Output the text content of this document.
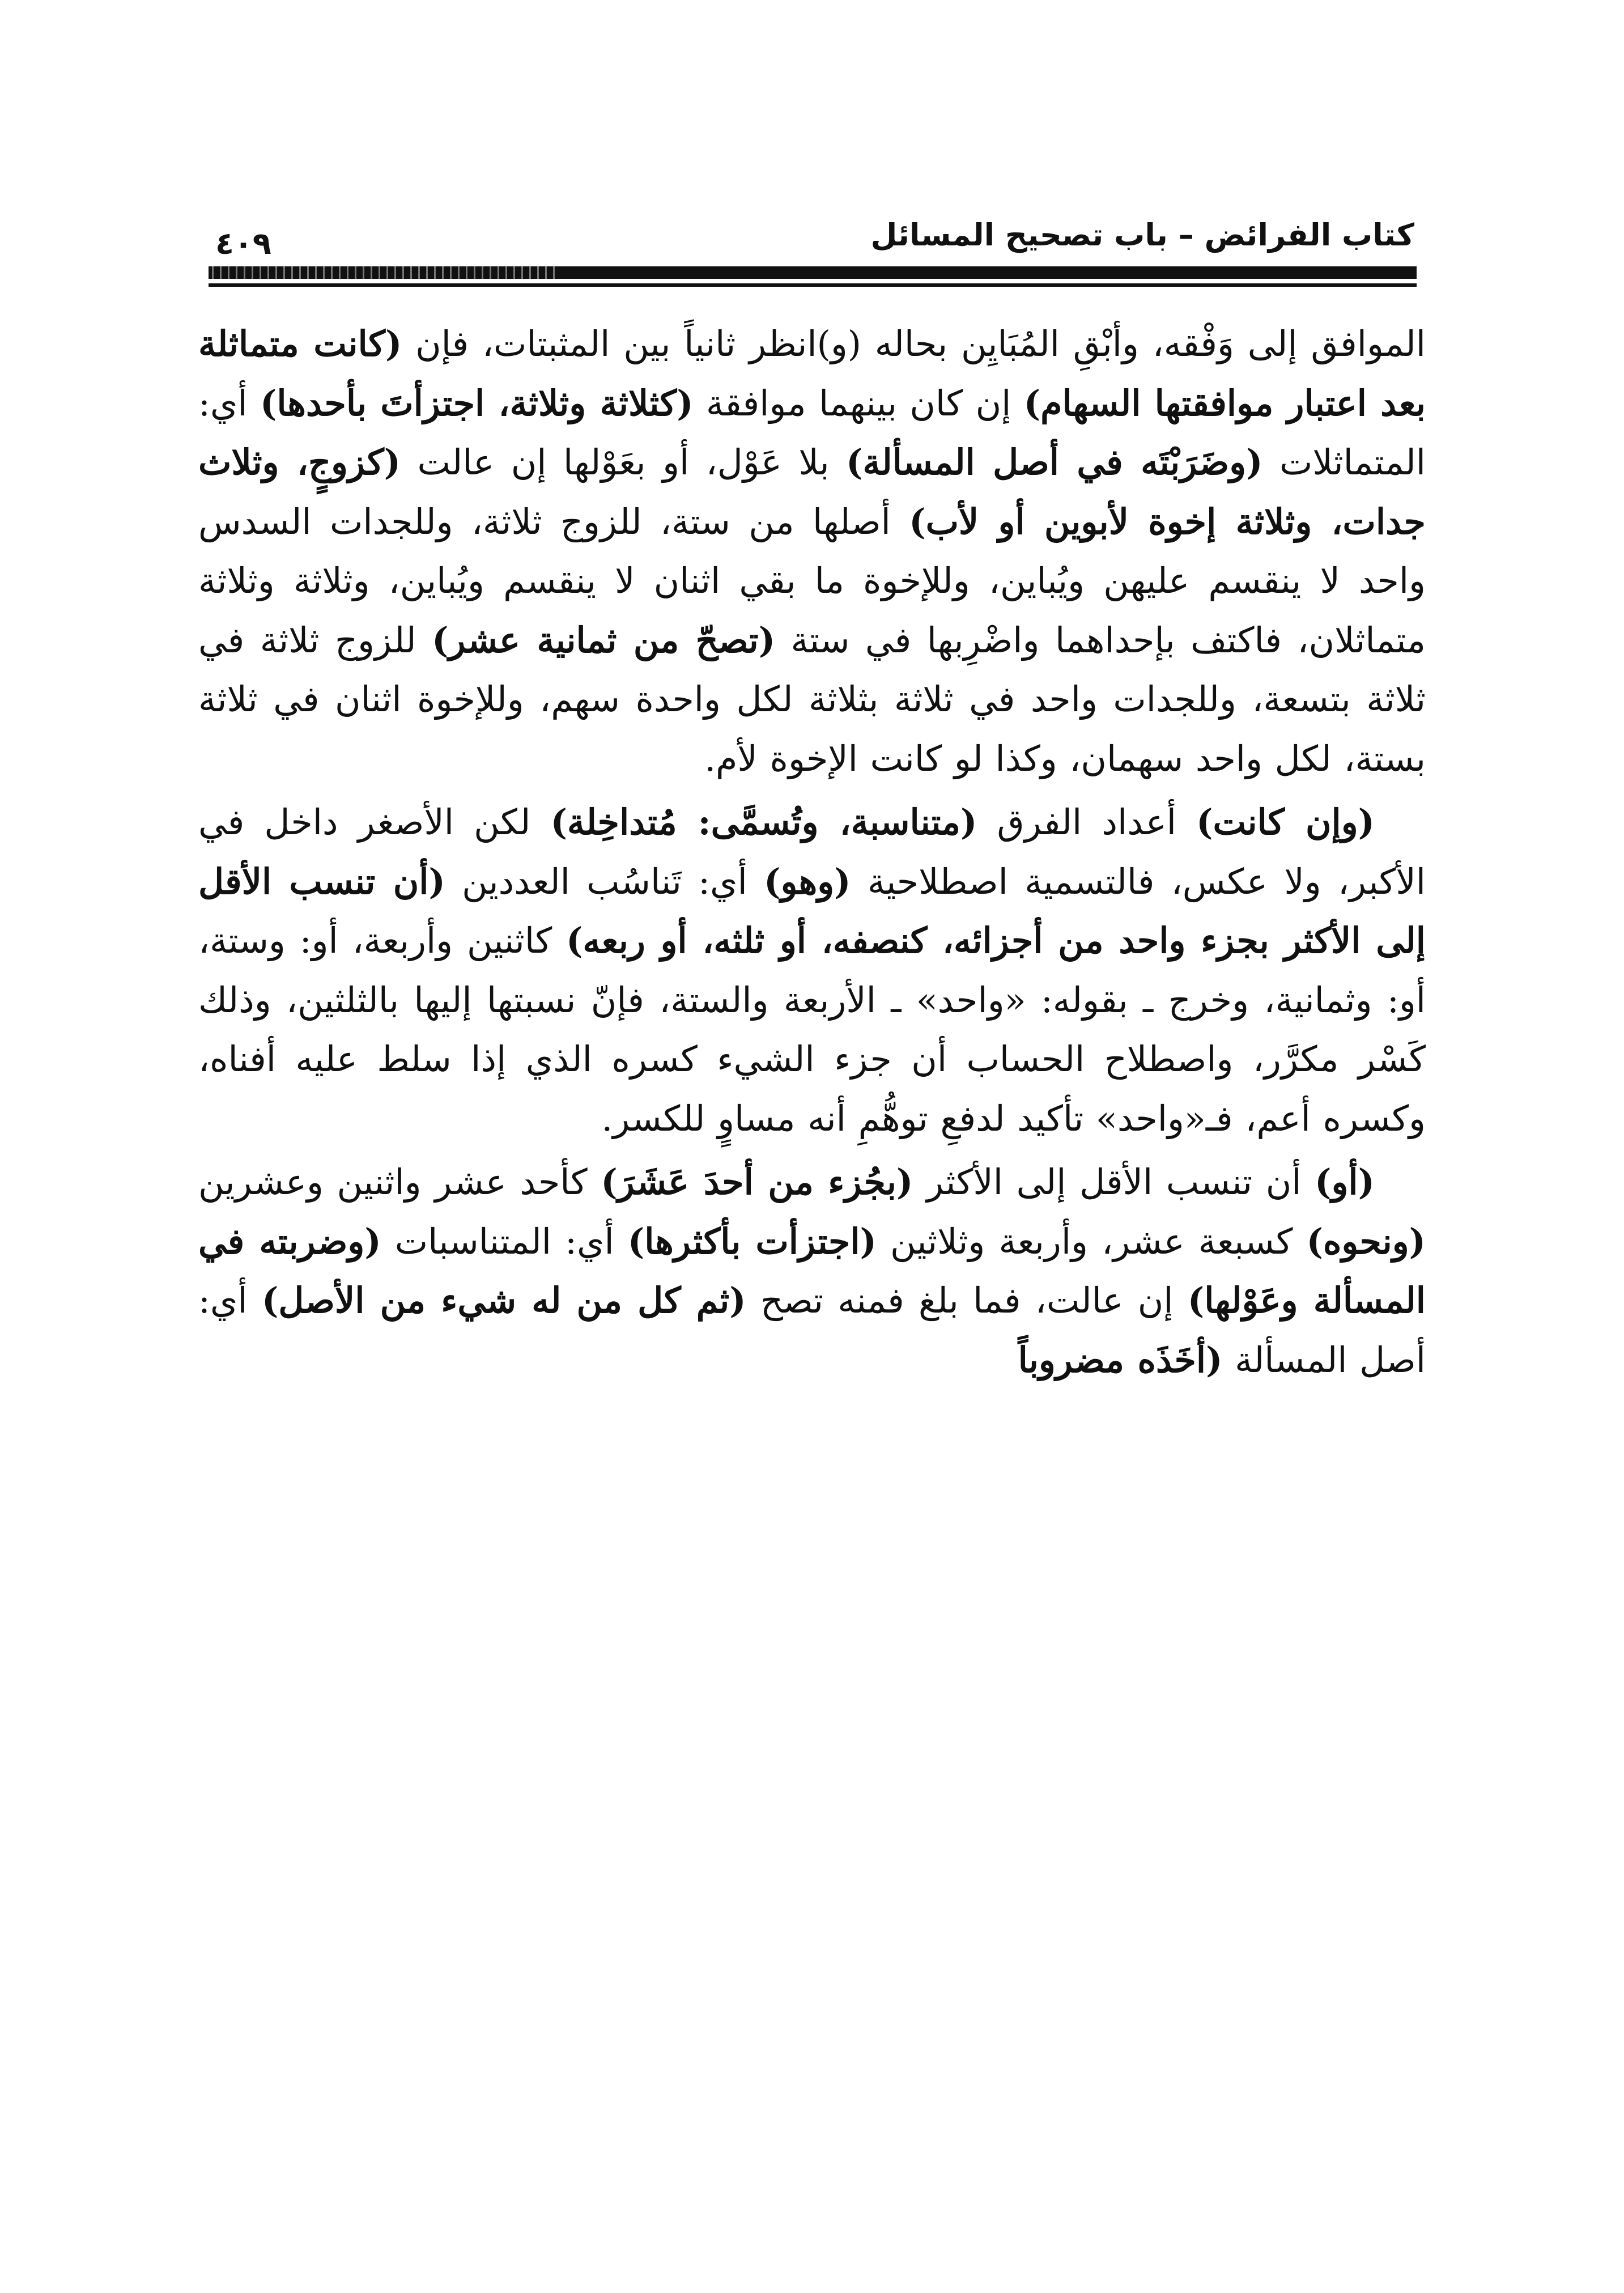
كتاب الفرائض – باب تصحيح المسائل
٤٠٩

الموافق إلى وَفْقه، وأبْقِ المُبَايِن بحاله (و)انظر ثانياً بين المثبتات، فإن (كانت متماثلة بعد اعتبار موافقتها السهام) إن كان بينهما موافقة (كثلاثة وثلاثة، اجتزأتَ بأحدها) أي: المتماثلات (وضَرَبْتَه في أصل المسألة) بلا عَوْل، أو بعَوْلها إن عالت (كزوجٍ، وثلاث جدات، وثلاثة إخوة لأبوين أو لأب) أصلها من ستة، للزوج ثلاثة، وللجدات السدس واحد لا ينقسم عليهن ويُباين، وللإخوة ما بقي اثنان لا ينقسم ويُباين، وثلاثة وثلاثة متماثلان، فاكتف بإحداهما واضْرِبها في ستة (تصحّ من ثمانية عشر) للزوج ثلاثة في ثلاثة بتسعة، وللجدات واحد في ثلاثة بثلاثة لكل واحدة سهم، وللإخوة اثنان في ثلاثة بستة، لكل واحد سهمان، وكذا لو كانت الإخوة لأم.

(وإن كانت) أعداد الفرق (متناسبة، وتُسمَّى: مُتداخِلة) لكن الأصغر داخل في الأكبر، ولا عكس، فالتسمية اصطلاحية (وهو) أي: تَناسُب العددين (أن تنسب الأقل إلى الأكثر بجزء واحد من أجزائه، كنصفه، أو ثلثه، أو ربعه) كاثنين وأربعة، أو: وستة، أو: وثمانية، وخرج ـ بقوله: «واحد» ـ الأربعة والستة، فإنّ نسبتها إليها بالثلثين، وذلك كَسْر مكرَّر، واصطلاح الحساب أن جزء الشيء كسره الذي إذا سلط عليه أفناه، وكسره أعم، فـ«واحد» تأكيد لدفعِ توهُّمِ أنه مساوٍ للكسر.

(أو) أن تنسب الأقل إلى الأكثر (بجُزء من أحدَ عَشَرَ) كأحد عشر واثنين وعشرين (ونحوه) كسبعة عشر، وأربعة وثلاثين (اجتزأت بأكثرها) أي: المتناسبات (وضربته في المسألة وعَوْلها) إن عالت، فما بلغ فمنه تصح (ثم كل من له شيء من الأصل) أي: أصل المسألة (أخَذَه مضروباً
